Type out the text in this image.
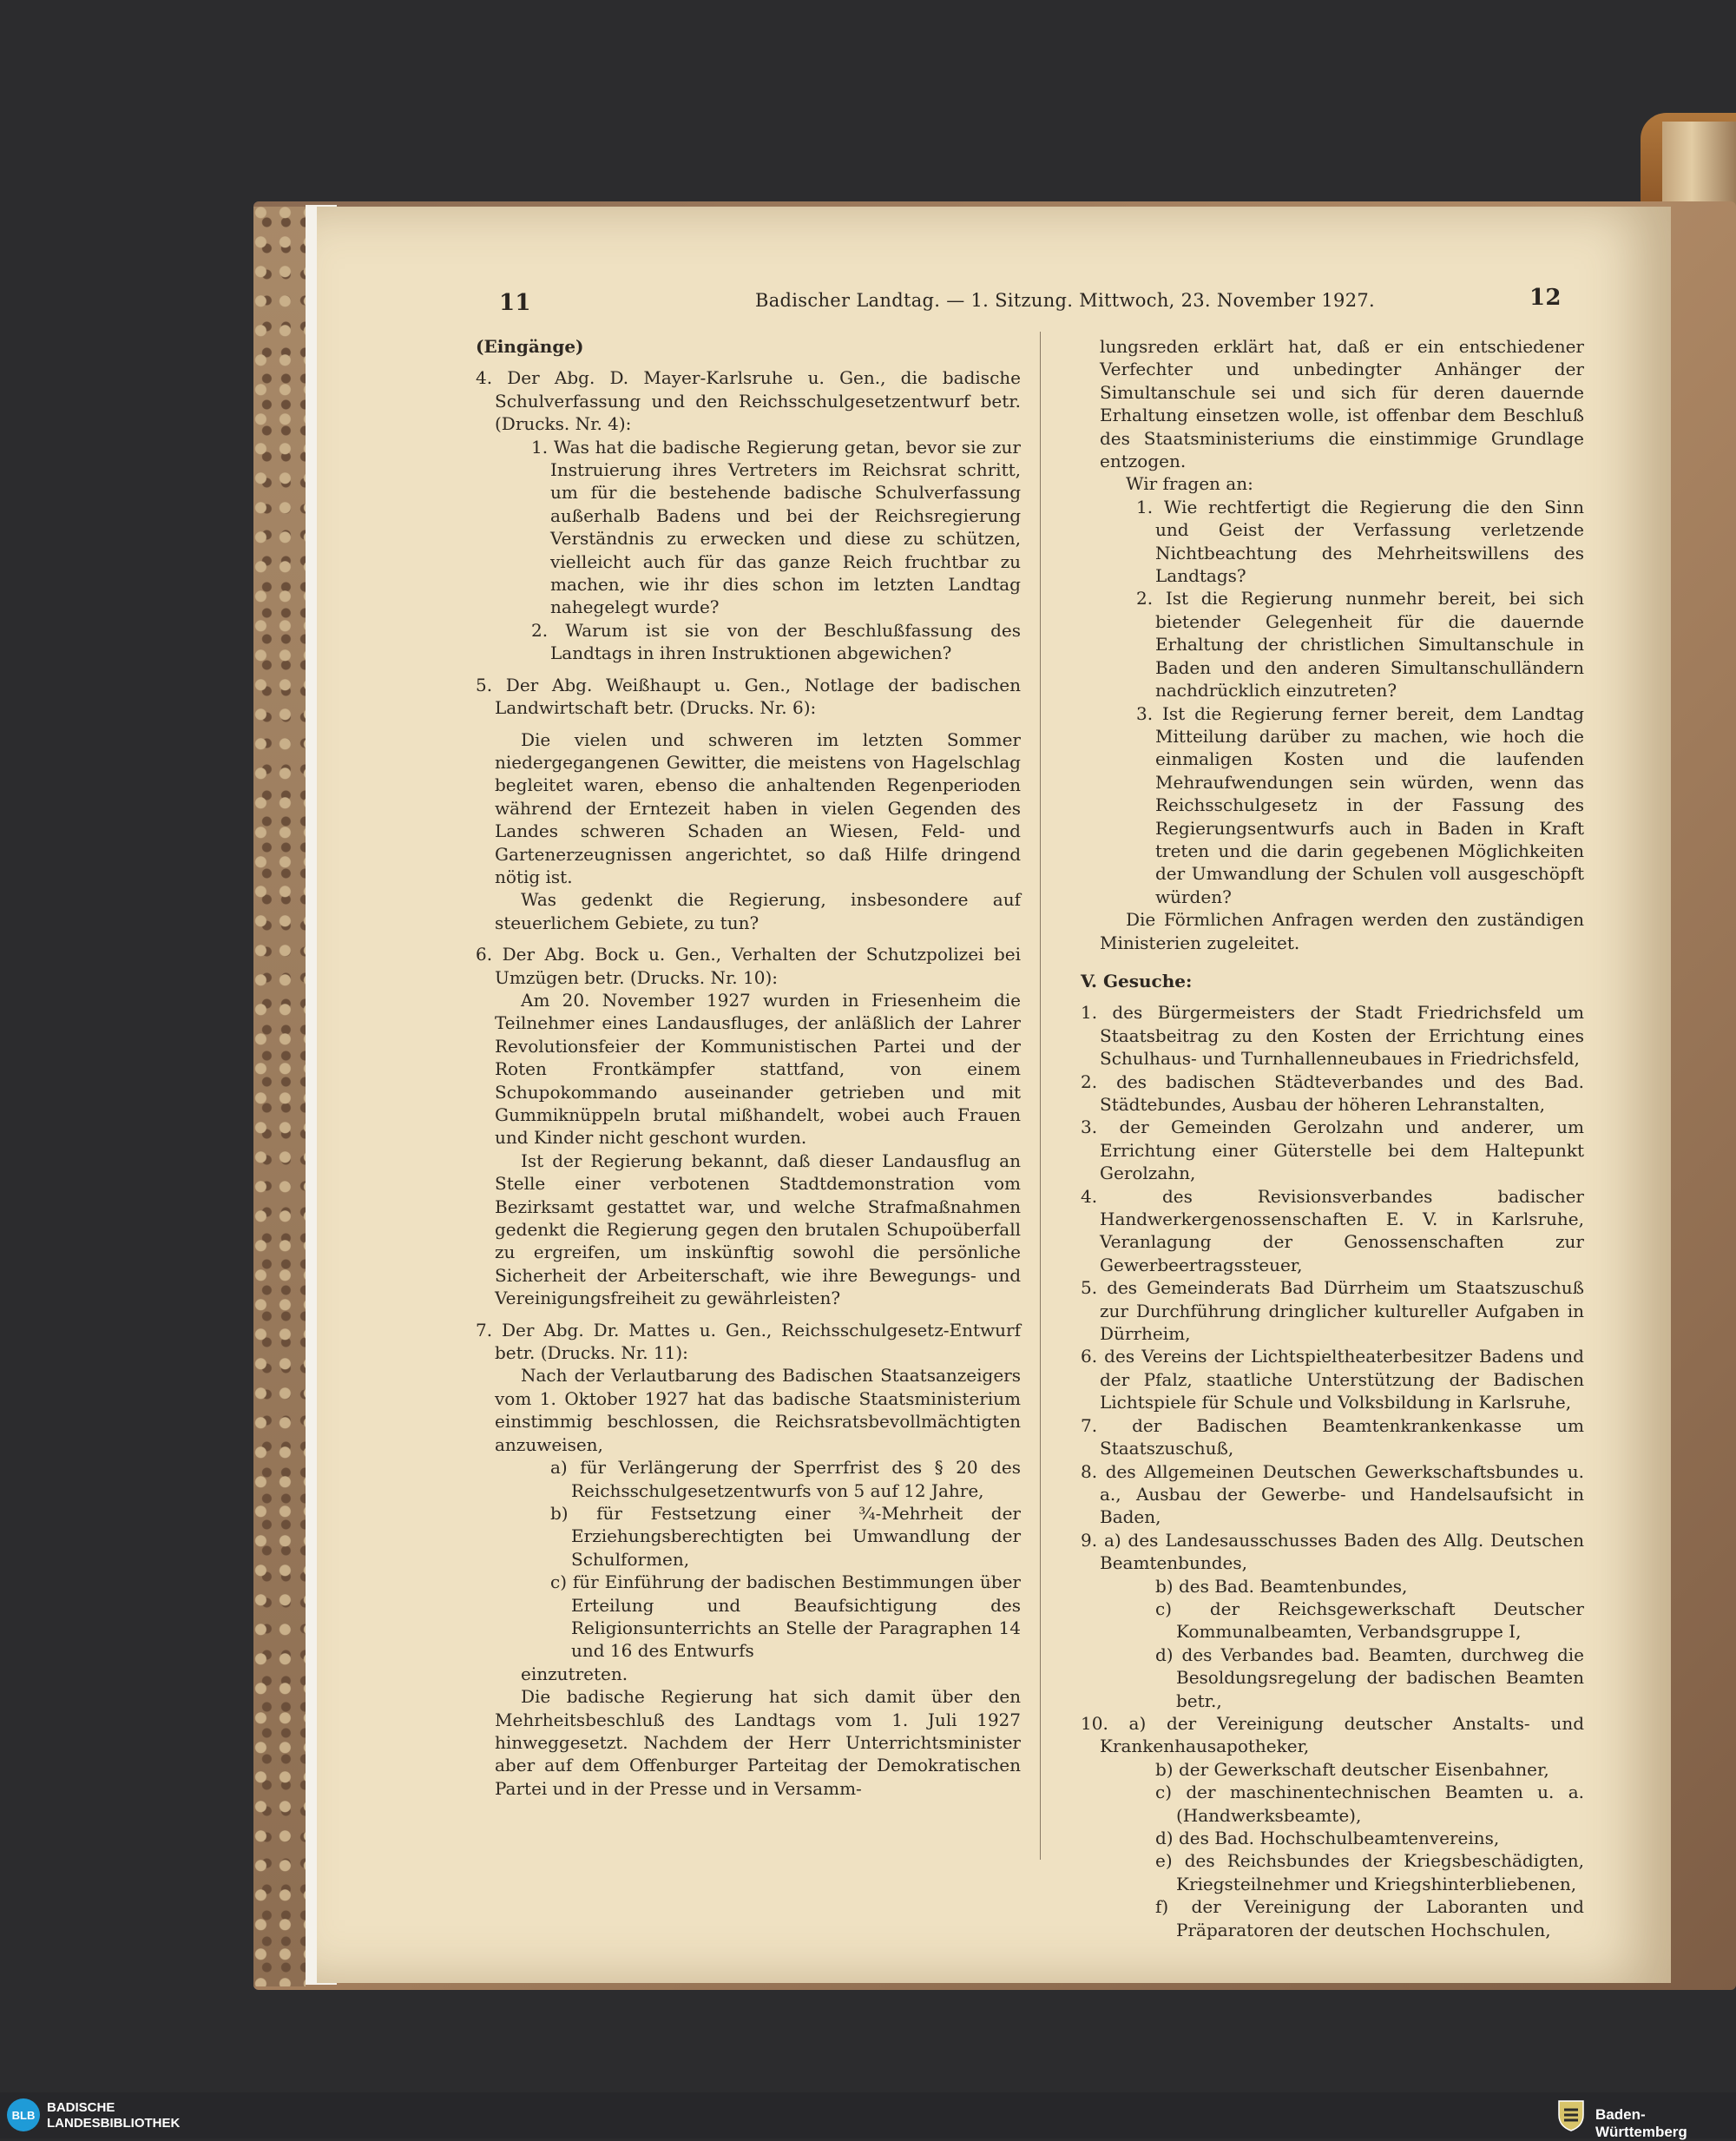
11	Badischer Landtag. — 1. Sitzung. Mittwoch, 23. November 1927.	12

(Eingänge)

4. Der Abg. D. Mayer-Karlsruhe u. Gen., die badische Schulverfassung und den Reichsschulgesetzentwurf betr. (Drucks. Nr. 4):

1. Was hat die badische Regierung getan, bevor sie zur Instruierung ihres Vertreters im Reichsrat schritt, um für die bestehende badische Schulverfassung außerhalb Badens und bei der Reichsregierung Verständnis zu erwecken und diese zu schützen, vielleicht auch für das ganze Reich fruchtbar zu machen, wie ihr dies schon im letzten Landtag nahegelegt wurde?

2. Warum ist sie von der Beschlußfassung des Landtags in ihren Instruktionen abgewichen?

5. Der Abg. Weißhaupt u. Gen., Notlage der badischen Landwirtschaft betr. (Drucks. Nr. 6):

Die vielen und schweren im letzten Sommer niedergegangenen Gewitter, die meistens von Hagelschlag begleitet waren, ebenso die anhaltenden Regenperioden während der Erntezeit haben in vielen Gegenden des Landes schweren Schaden an Wiesen, Feld- und Gartenerzeugnissen angerichtet, so daß Hilfe dringend nötig ist.

Was gedenkt die Regierung, insbesondere auf steuerlichem Gebiete, zu tun?

6. Der Abg. Bock u. Gen., Verhalten der Schutzpolizei bei Umzügen betr. (Drucks. Nr. 10):

Am 20. November 1927 wurden in Friesenheim die Teilnehmer eines Landausfluges, der anläßlich der Lahrer Revolutionsfeier der Kommunistischen Partei und der Roten Frontkämpfer stattfand, von einem Schupokommando auseinander getrieben und mit Gummiknüppeln brutal mißhandelt, wobei auch Frauen und Kinder nicht geschont wurden.

Ist der Regierung bekannt, daß dieser Landausflug an Stelle einer verbotenen Stadtdemonstration vom Bezirksamt gestattet war, und welche Strafmaßnahmen gedenkt die Regierung gegen den brutalen Schupoüberfall zu ergreifen, um inskünftig sowohl die persönliche Sicherheit der Arbeiterschaft, wie ihre Bewegungs- und Vereinigungsfreiheit zu gewährleisten?

7. Der Abg. Dr. Mattes u. Gen., Reichsschulgesetz-Entwurf betr. (Drucks. Nr. 11):

Nach der Verlautbarung des Badischen Staatsanzeigers vom 1. Oktober 1927 hat das badische Staatsministerium einstimmig beschlossen, die Reichsratsbevollmächtigten anzuweisen,

a) für Verlängerung der Sperrfrist des § 20 des Reichsschulgesetzentwurfs von 5 auf 12 Jahre,

b) für Festsetzung einer ¾-Mehrheit der Erziehungsberechtigten bei Umwandlung der Schulformen,

c) für Einführung der badischen Bestimmungen über Erteilung und Beaufsichtigung des Religionsunterrichts an Stelle der Paragraphen 14 und 16 des Entwurfs

einzutreten.

Die badische Regierung hat sich damit über den Mehrheitsbeschluß des Landtags vom 1. Juli 1927 hinweggesetzt. Nachdem der Herr Unterrichtsminister aber auf dem Offenburger Parteitag der Demokratischen Partei und in der Presse und in Versamm-

lungsreden erklärt hat, daß er ein entschiedener Verfechter und unbedingter Anhänger der Simultanschule sei und sich für deren dauernde Erhaltung einsetzen wolle, ist offenbar dem Beschluß des Staatsministeriums die einstimmige Grundlage entzogen.

Wir fragen an:

1. Wie rechtfertigt die Regierung die den Sinn und Geist der Verfassung verletzende Nichtbeachtung des Mehrheitswillens des Landtags?

2. Ist die Regierung nunmehr bereit, bei sich bietender Gelegenheit für die dauernde Erhaltung der christlichen Simultanschule in Baden und den anderen Simultanschulländern nachdrücklich einzutreten?

3. Ist die Regierung ferner bereit, dem Landtag Mitteilung darüber zu machen, wie hoch die einmaligen Kosten und die laufenden Mehraufwendungen sein würden, wenn das Reichsschulgesetz in der Fassung des Regierungsentwurfs auch in Baden in Kraft treten und die darin gegebenen Möglichkeiten der Umwandlung der Schulen voll ausgeschöpft würden?

Die Förmlichen Anfragen werden den zuständigen Ministerien zugeleitet.

V. Gesuche:

1. des Bürgermeisters der Stadt Friedrichsfeld um Staatsbeitrag zu den Kosten der Errichtung eines Schulhaus- und Turnhallenneubaues in Friedrichsfeld,

2. des badischen Städteverbandes und des Bad. Städtebundes, Ausbau der höheren Lehranstalten,

3. der Gemeinden Gerolzahn und anderer, um Errichtung einer Güterstelle bei dem Haltepunkt Gerolzahn,

4. des Revisionsverbandes badischer Handwerkergenossenschaften E. V. in Karlsruhe, Veranlagung der Genossenschaften zur Gewerbeertragssteuer,

5. des Gemeinderats Bad Dürrheim um Staatszuschuß zur Durchführung dringlicher kultureller Aufgaben in Dürrheim,

6. des Vereins der Lichtspieltheaterbesitzer Badens und der Pfalz, staatliche Unterstützung der Badischen Lichtspiele für Schule und Volksbildung in Karlsruhe,

7. der Badischen Beamtenkrankenkasse um Staatszuschuß,

8. des Allgemeinen Deutschen Gewerkschaftsbundes u. a., Ausbau der Gewerbe- und Handelsaufsicht in Baden,

9. a) des Landesausschusses Baden des Allg. Deutschen Beamtenbundes,

b) des Bad. Beamtenbundes,

c) der Reichsgewerkschaft Deutscher Kommunalbeamten, Verbandsgruppe I,

d) des Verbandes bad. Beamten, durchweg die Besoldungsregelung der badischen Beamten betr.,

10. a) der Vereinigung deutscher Anstalts- und Krankenhausapotheker,

b) der Gewerkschaft deutscher Eisenbahner,

c) der maschinentechnischen Beamten u. a. (Handwerksbeamte),

d) des Bad. Hochschulbeamtenvereins,

e) des Reichsbundes der Kriegsbeschädigten, Kriegsteilnehmer und Kriegshinterbliebenen,

f) der Vereinigung der Laboranten und Präparatoren der deutschen Hochschulen,

BLB BADISCHE
LANDESBIBLIOTHEK
Baden-Württemberg
